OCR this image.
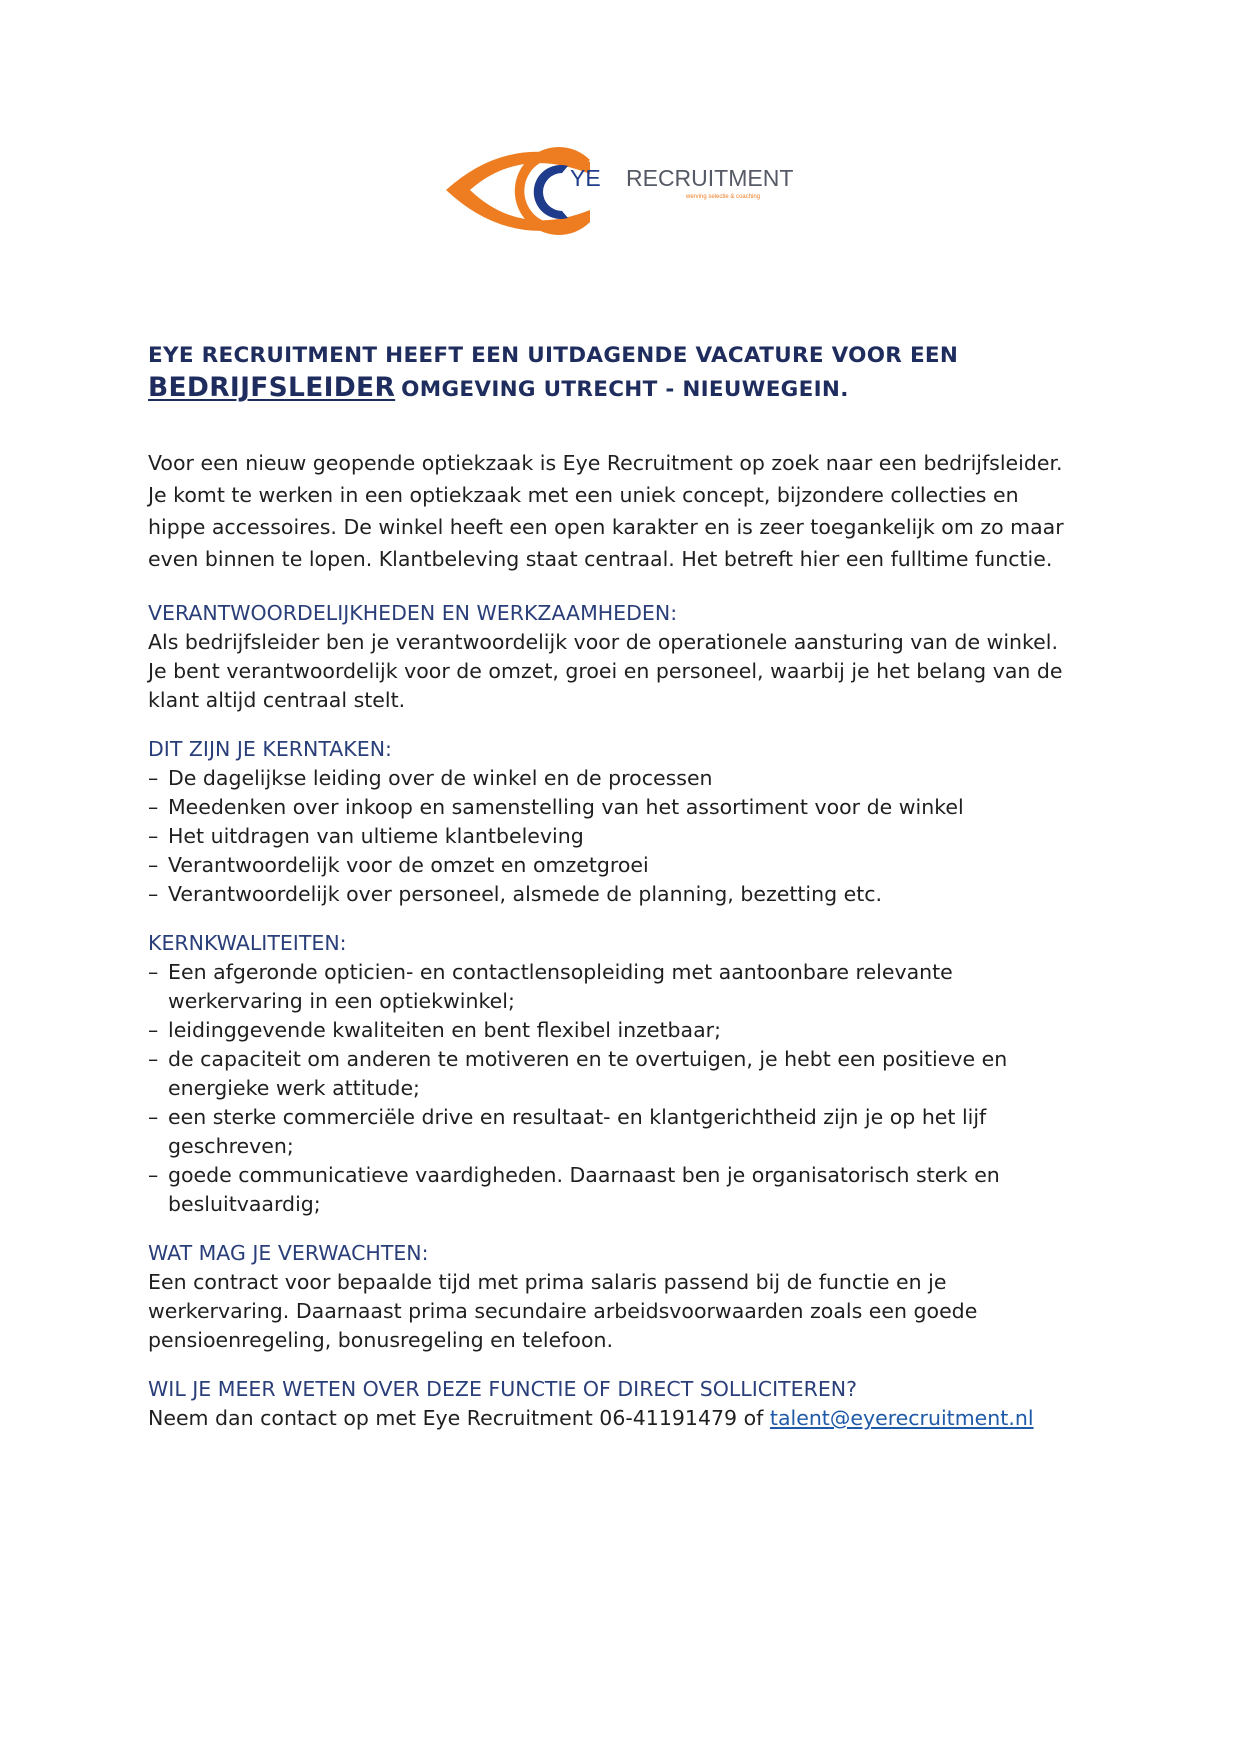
YE RECRUITMENT
werving selectie & coaching
EYE RECRUITMENT HEEFT EEN UITDAGENDE VACATURE VOOR EEN
BEDRIJFSLEIDER OMGEVING UTRECHT - NIEUWEGEIN.

Voor een nieuw geopende optiekzaak is Eye Recruitment op zoek naar een bedrijfsleider.

Je komt te werken in een optiekzaak met een uniek concept, bijzondere collecties en

hippe accessoires. De winkel heeft een open karakter en is zeer toegankelijk om zo maar

even binnen te lopen. Klantbeleving staat centraal. Het betreft hier een fulltime functie.

VERANTWOORDELIJKHEDEN EN WERKZAAMHEDEN:

Als bedrijfsleider ben je verantwoordelijk voor de operationele aansturing van de winkel.

Je bent verantwoordelijk voor de omzet, groei en personeel, waarbij je het belang van de

klant altijd centraal stelt.

DIT ZIJN JE KERNTAKEN:

– De dagelijkse leiding over de winkel en de processen
– Meedenken over inkoop en samenstelling van het assortiment voor de winkel
– Het uitdragen van ultieme klantbeleving
– Verantwoordelijk voor de omzet en omzetgroei
– Verantwoordelijk over personeel, alsmede de planning, bezetting etc.

KERNKWALITEITEN:

– Een afgeronde opticien- en contactlensopleiding met aantoonbare relevante
werkervaring in een optiekwinkel;
– leidinggevende kwaliteiten en bent flexibel inzetbaar;
– de capaciteit om anderen te motiveren en te overtuigen, je hebt een positieve en
energieke werk attitude;
– een sterke commerciële drive en resultaat- en klantgerichtheid zijn je op het lijf
geschreven;
– goede communicatieve vaardigheden. Daarnaast ben je organisatorisch sterk en
besluitvaardig;

WAT MAG JE VERWACHTEN:

Een contract voor bepaalde tijd met prima salaris passend bij de functie en je

werkervaring. Daarnaast prima secundaire arbeidsvoorwaarden zoals een goede

pensioenregeling, bonusregeling en telefoon.

WIL JE MEER WETEN OVER DEZE FUNCTIE OF DIRECT SOLLICITEREN?

Neem dan contact op met Eye Recruitment 06-41191479 of talent@eyerecruitment.nl
